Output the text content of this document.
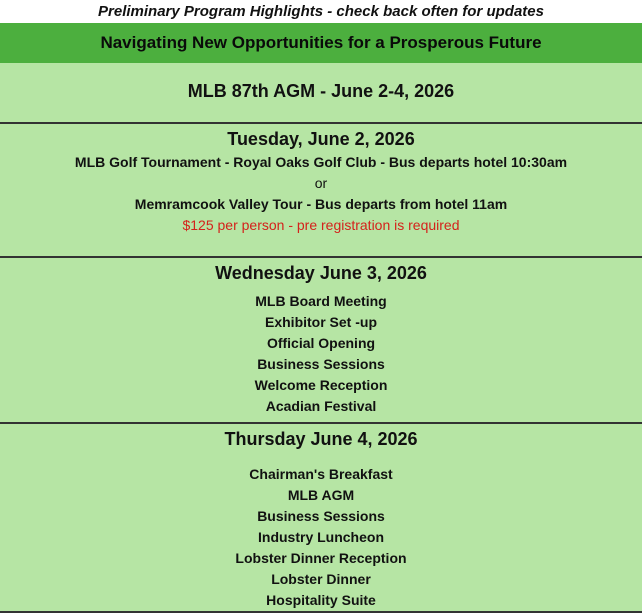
Preliminary Program Highlights - check back often for updates
Navigating New Opportunities for a Prosperous Future
MLB 87th AGM - June 2-4, 2026
Tuesday, June 2, 2026
MLB Golf Tournament - Royal Oaks Golf Club - Bus departs hotel 10:30am
or
Memramcook Valley Tour - Bus departs from hotel 11am
$125 per person - pre registration is required
Wednesday June 3, 2026
MLB Board Meeting
Exhibitor Set -up
Official Opening
Business Sessions
Welcome Reception
Acadian Festival
Thursday June 4, 2026
Chairman's Breakfast
MLB AGM
Business Sessions
Industry Luncheon
Lobster Dinner Reception
Lobster Dinner
Hospitality Suite
